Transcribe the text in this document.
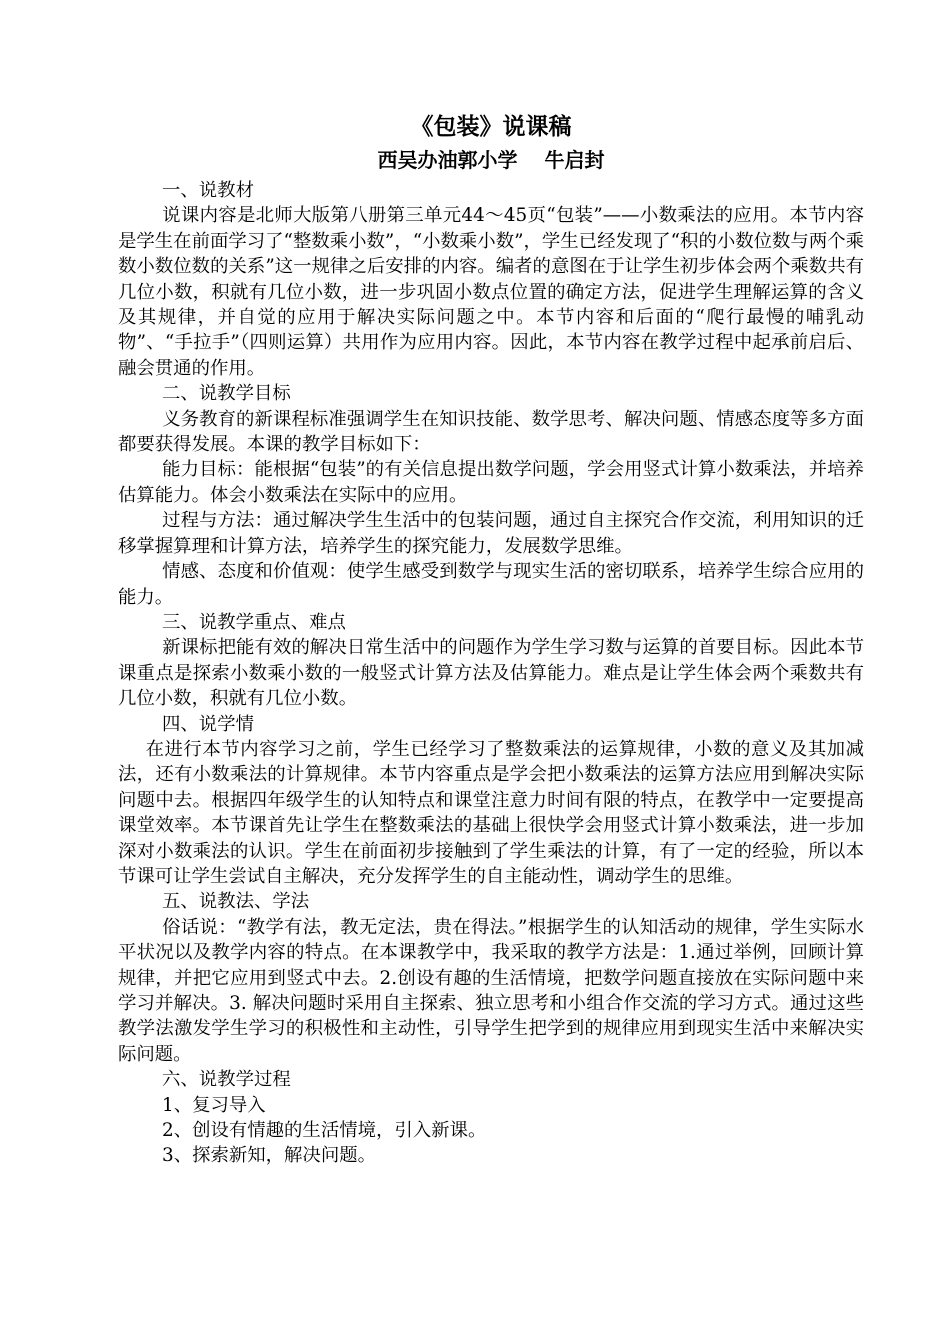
《包装》说课稿

西吴办油郭小学　 牛启封

一、说教材

说课内容是北师大版第八册第三单元44～45页“包装”——小数乘法的应用。本节内容是学生在前面学习了“整数乘小数”，“小数乘小数”，学生已经发现了“积的小数位数与两个乘数小数位数的关系”这一规律之后安排的内容。编者的意图在于让学生初步体会两个乘数共有几位小数，积就有几位小数，进一步巩固小数点位置的确定方法，促进学生理解运算的含义及其规律，并自觉的应用于解决实际问题之中。本节内容和后面的“爬行最慢的哺乳动物”、“手拉手”（四则运算）共用作为应用内容。因此，本节内容在教学过程中起承前启后、融会贯通的作用。

二、说教学目标

义务教育的新课程标准强调学生在知识技能、数学思考、解决问题、情感态度等多方面都要获得发展。本课的教学目标如下：

能力目标：能根据“包装”的有关信息提出数学问题，学会用竖式计算小数乘法，并培养估算能力。体会小数乘法在实际中的应用。

过程与方法：通过解决学生生活中的包装问题，通过自主探究合作交流，利用知识的迁移掌握算理和计算方法，培养学生的探究能力，发展数学思维。

情感、态度和价值观：使学生感受到数学与现实生活的密切联系，培养学生综合应用的能力。

三、说教学重点、难点

新课标把能有效的解决日常生活中的问题作为学生学习数与运算的首要目标。因此本节课重点是探索小数乘小数的一般竖式计算方法及估算能力。难点是让学生体会两个乘数共有几位小数，积就有几位小数。

四、说学情

在进行本节内容学习之前，学生已经学习了整数乘法的运算规律，小数的意义及其加减法，还有小数乘法的计算规律。本节内容重点是学会把小数乘法的运算方法应用到解决实际问题中去。根据四年级学生的认知特点和课堂注意力时间有限的特点，在教学中一定要提高课堂效率。本节课首先让学生在整数乘法的基础上很快学会用竖式计算小数乘法，进一步加深对小数乘法的认识。学生在前面初步接触到了学生乘法的计算，有了一定的经验，所以本节课可让学生尝试自主解决，充分发挥学生的自主能动性，调动学生的思维。

五、说教法、学法

俗话说：“教学有法，教无定法，贵在得法。”根据学生的认知活动的规律，学生实际水平状况以及教学内容的特点。在本课教学中，我采取的教学方法是：1.通过举例，回顾计算规律，并把它应用到竖式中去。2.创设有趣的生活情境，把数学问题直接放在实际问题中来学习并解决。3. 解决问题时采用自主探索、独立思考和小组合作交流的学习方式。通过这些教学法激发学生学习的积极性和主动性，引导学生把学到的规律应用到现实生活中来解决实际问题。

六、说教学过程

1、复习导入

2、创设有情趣的生活情境，引入新课。

3、探索新知，解决问题。
